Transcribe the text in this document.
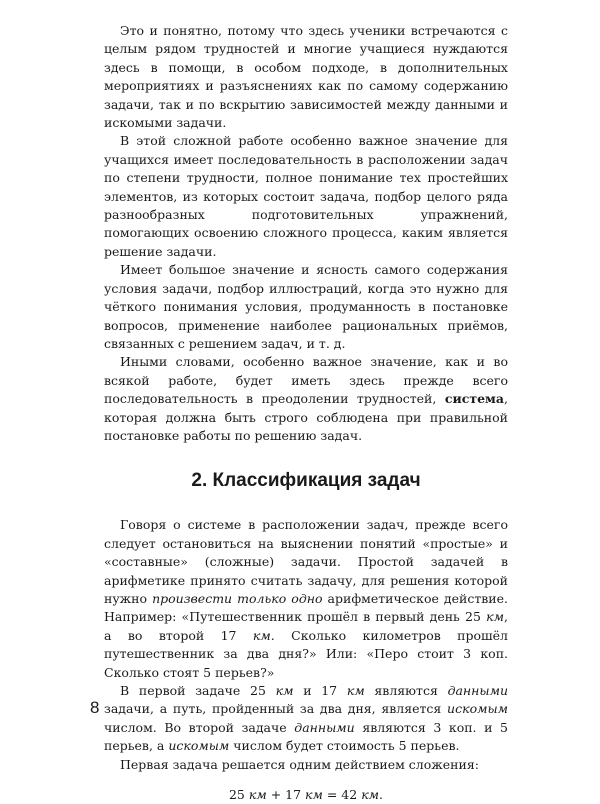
Это и понятно, потому что здесь ученики встречаются с целым рядом трудностей и многие учащиеся нуждаются здесь в помощи, в особом подходе, в дополнительных мероприятиях и разъяснениях как по самому содержанию задачи, так и по вскрытию зависимостей между данными и искомыми задачи.

В этой сложной работе особенно важное значение для учащихся имеет последовательность в расположении задач по степени трудности, полное понимание тех простейших элементов, из которых состоит задача, подбор целого ряда разнообразных подготовительных упражнений, помогающих освоению сложного процесса, каким является решение задачи.

Имеет большое значение и ясность самого содержания условия задачи, подбор иллюстраций, когда это нужно для чёткого понимания условия, продуманность в постановке вопросов, применение наиболее рациональных приёмов, связанных с решением задач, и т. д.

Иными словами, особенно важное значение, как и во всякой работе, будет иметь здесь прежде всего последовательность в преодолении трудностей, система, которая должна быть строго соблюдена при правильной постановке работы по решению задач.

2. Классификация задач

Говоря о системе в расположении задач, прежде всего следует остановиться на выяснении понятий «простые» и «составные» (сложные) задачи. Простой задачей в арифметике принято считать задачу, для решения которой нужно произвести только одно арифметическое действие. Например: «Путешественник прошёл в первый день 25 км, а во второй 17 км. Сколько километров прошёл путешественник за два дня?» Или: «Перо стоит 3 коп. Сколько стоят 5 перьев?»

В первой задаче 25 км и 17 км являются данными задачи, а путь, пройденный за два дня, является искомым числом. Во второй задаче данными являются 3 коп. и 5 перьев, а искомым числом будет стоимость 5 перьев.

Первая задача решается одним действием сложения:

25 км + 17 км = 42 км.
8
